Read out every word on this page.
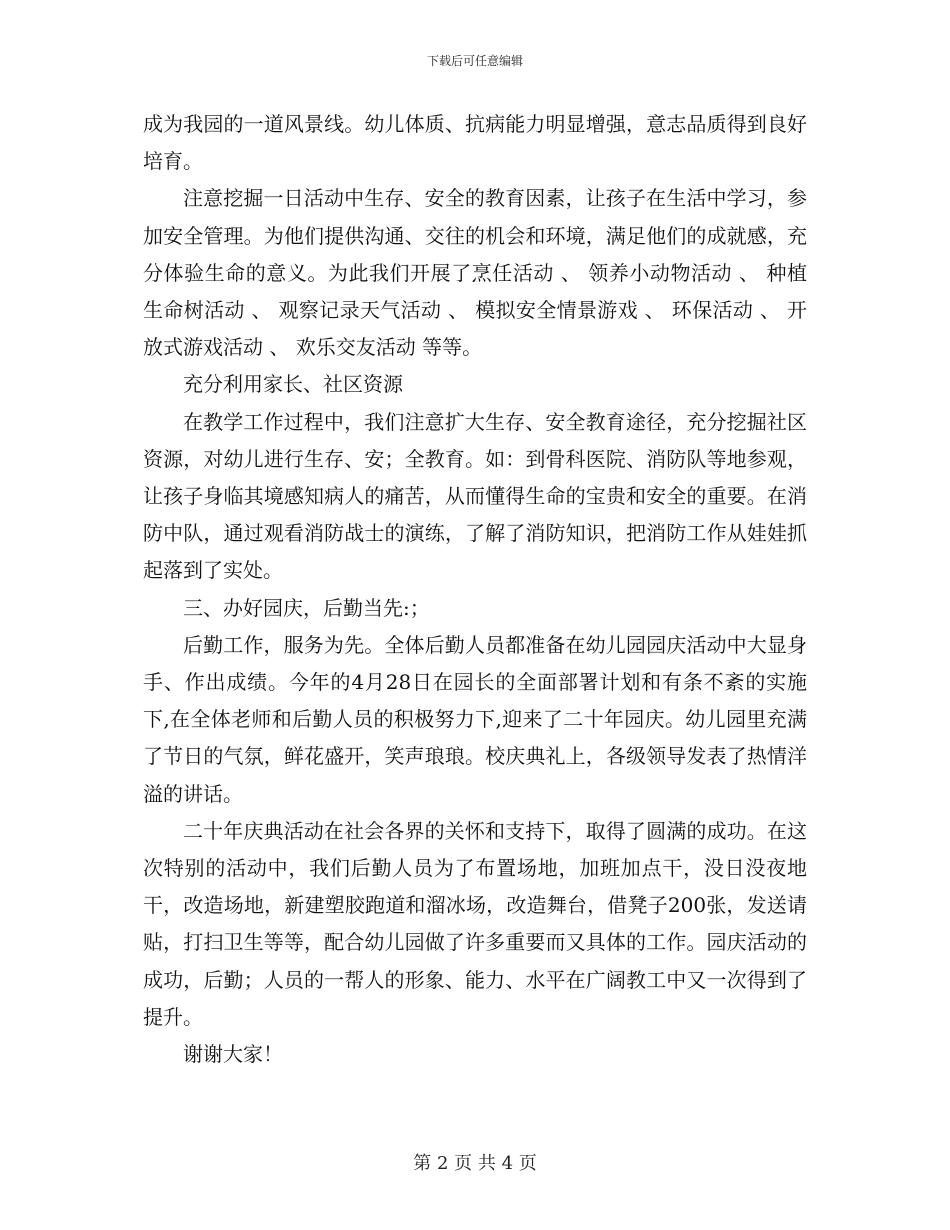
下载后可任意编辑

成为我园的一道风景线。幼儿体质、抗病能力明显增强，意志品质得到良好培育。

注意挖掘一日活动中生存、安全的教育因素，让孩子在生活中学习，参加安全管理。为他们提供沟通、交往的机会和环境，满足他们的成就感，充分体验生命的意义。为此我们开展了烹任活动 、 领养小动物活动 、 种植生命树活动 、 观察记录天气活动 、 模拟安全情景游戏 、 环保活动 、 开放式游戏活动 、 欢乐交友活动 等等。

充分利用家长、社区资源

在教学工作过程中，我们注意扩大生存、安全教育途径，充分挖掘社区资源，对幼儿进行生存、安；全教育。如：到骨科医院、消防队等地参观，让孩子身临其境感知病人的痛苦，从而懂得生命的宝贵和安全的重要。在消防中队，通过观看消防战士的演练，了解了消防知识，把消防工作从娃娃抓起落到了实处。

三、办好园庆，后勤当先:；

后勤工作，服务为先。全体后勤人员都准备在幼儿园园庆活动中大显身手、作出成绩。今年的4月28日在园长的全面部署计划和有条不紊的实施下,在全体老师和后勤人员的积极努力下,迎来了二十年园庆。幼儿园里充满了节日的气氛，鲜花盛开，笑声琅琅。校庆典礼上，各级领导发表了热情洋溢的讲话。

二十年庆典活动在社会各界的关怀和支持下，取得了圆满的成功。在这次特别的活动中，我们后勤人员为了布置场地，加班加点干，没日没夜地干，改造场地，新建塑胶跑道和溜冰场，改造舞台，借凳子200张，发送请贴，打扫卫生等等，配合幼儿园做了许多重要而又具体的工作。园庆活动的成功，后勤；人员的一帮人的形象、能力、水平在广阔教工中又一次得到了提升。

谢谢大家！

第 2 页 共 4 页
